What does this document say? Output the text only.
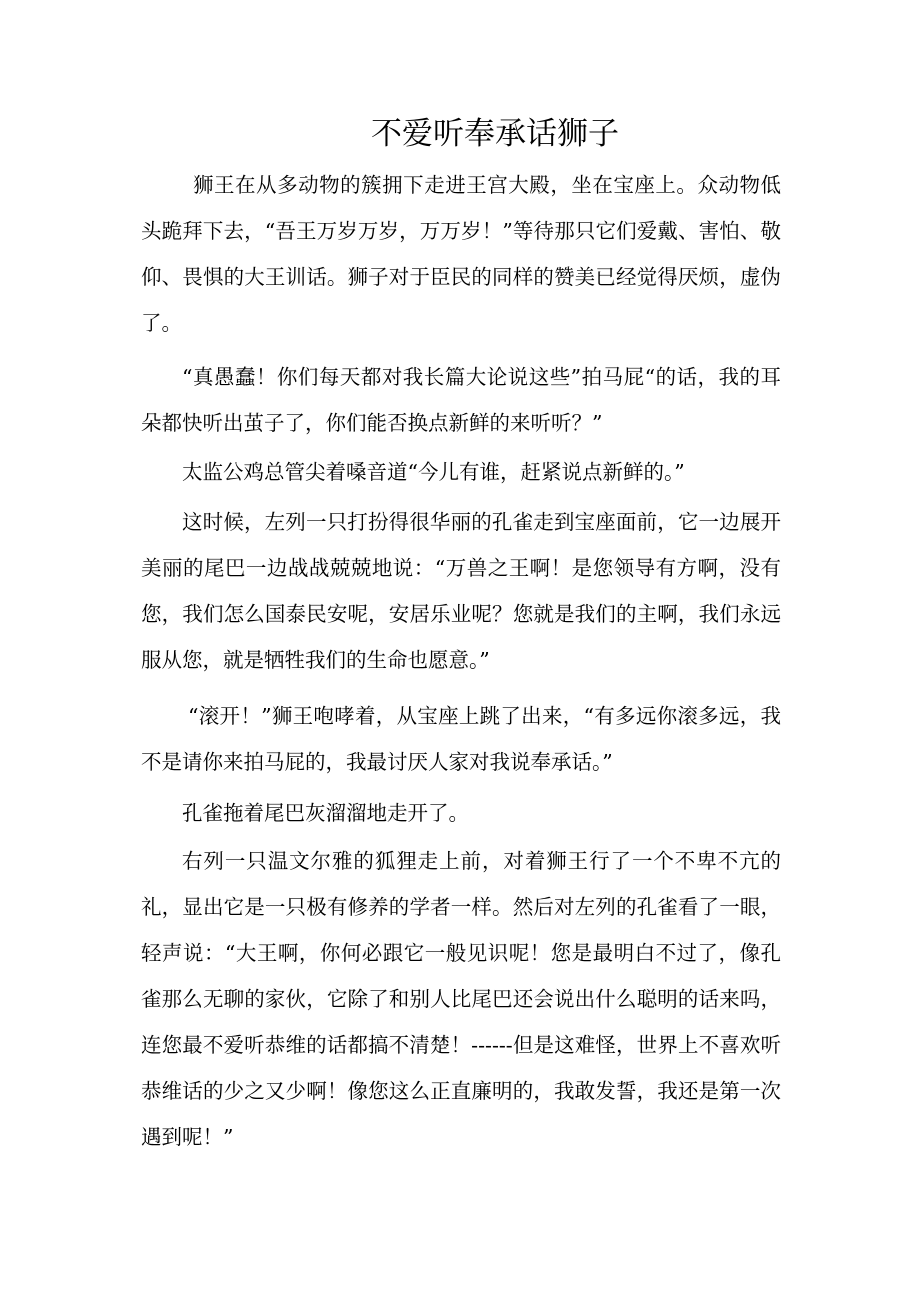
不爱听奉承话狮子

狮王在从多动物的簇拥下走进王宫大殿，坐在宝座上。众动物低头跪拜下去，“吾王万岁万岁，万万岁！”等待那只它们爱戴、害怕、敬仰、畏惧的大王训话。狮子对于臣民的同样的赞美已经觉得厌烦，虚伪了。

“真愚蠢！你们每天都对我长篇大论说这些”拍马屁“的话，我的耳朵都快听出茧子了，你们能否换点新鲜的来听听？”

太监公鸡总管尖着嗓音道“今儿有谁，赶紧说点新鲜的。”

这时候，左列一只打扮得很华丽的孔雀走到宝座面前，它一边展开美丽的尾巴一边战战兢兢地说：“万兽之王啊！是您领导有方啊，没有您，我们怎么国泰民安呢，安居乐业呢？您就是我们的主啊，我们永远服从您，就是牺牲我们的生命也愿意。”

“滚开！”狮王咆哮着，从宝座上跳了出来，“有多远你滚多远，我不是请你来拍马屁的，我最讨厌人家对我说奉承话。”

孔雀拖着尾巴灰溜溜地走开了。

右列一只温文尔雅的狐狸走上前，对着狮王行了一个不卑不亢的礼，显出它是一只极有修养的学者一样。然后对左列的孔雀看了一眼，轻声说：“大王啊，你何必跟它一般见识呢！您是最明白不过了，像孔雀那么无聊的家伙，它除了和别人比尾巴还会说出什么聪明的话来吗，连您最不爱听恭维的话都搞不清楚！------但是这难怪，世界上不喜欢听恭维话的少之又少啊！像您这么正直廉明的，我敢发誓，我还是第一次遇到呢！”
